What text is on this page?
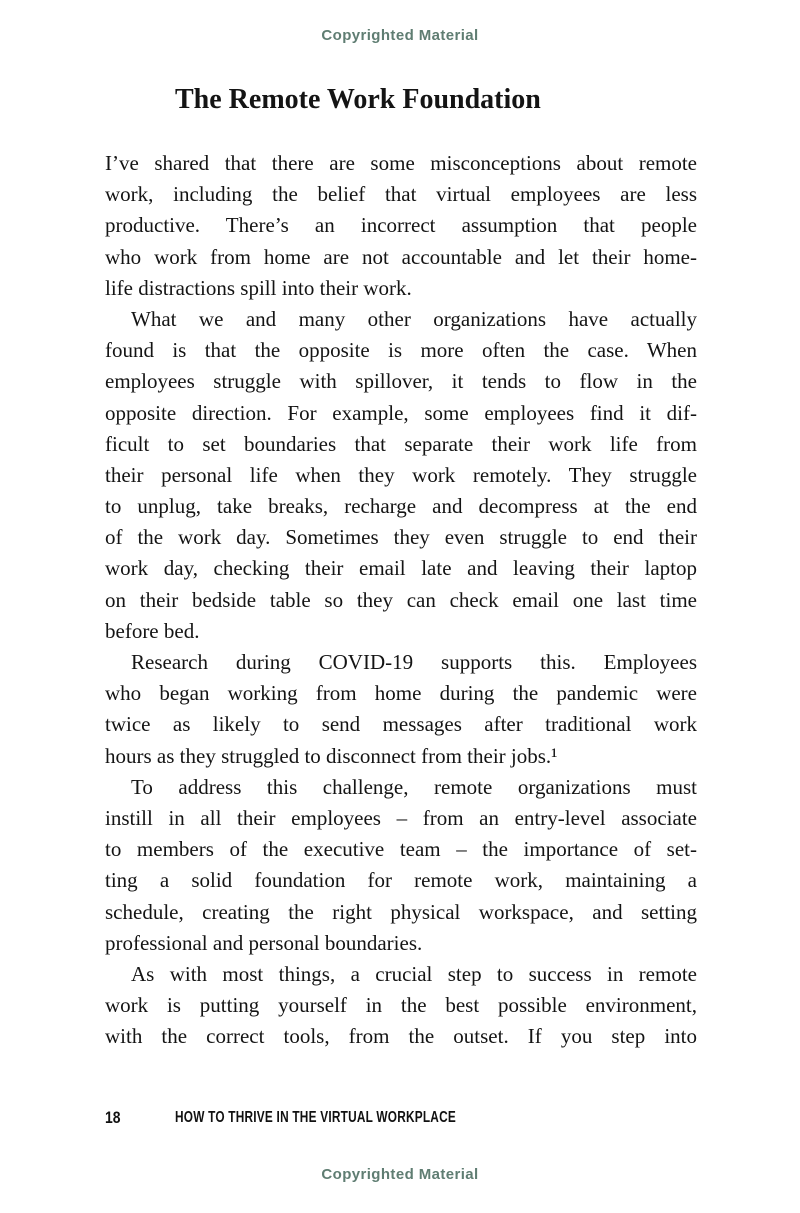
Copyrighted Material
The Remote Work Foundation
I’ve shared that there are some misconceptions about remote
work, including the belief that virtual employees are less
productive. There’s an incorrect assumption that people
who work from home are not accountable and let their home-
life distractions spill into their work.
What we and many other organizations have actually
found is that the opposite is more often the case. When
employees struggle with spillover, it tends to flow in the
opposite direction. For example, some employees find it dif-
ficult to set boundaries that separate their work life from
their personal life when they work remotely. They struggle
to unplug, take breaks, recharge and decompress at the end
of the work day. Sometimes they even struggle to end their
work day, checking their email late and leaving their laptop
on their bedside table so they can check email one last time
before bed.
Research during COVID-19 supports this. Employees
who began working from home during the pandemic were
twice as likely to send messages after traditional work
hours as they struggled to disconnect from their jobs.¹
To address this challenge, remote organizations must
instill in all their employees – from an entry-level associate
to members of the executive team – the importance of set-
ting a solid foundation for remote work, maintaining a
schedule, creating the right physical workspace, and setting
professional and personal boundaries.
As with most things, a crucial step to success in remote
work is putting yourself in the best possible environment,
with the correct tools, from the outset. If you step into
18	HOW TO THRIVE IN THE VIRTUAL WORKPLACE
Copyrighted Material
